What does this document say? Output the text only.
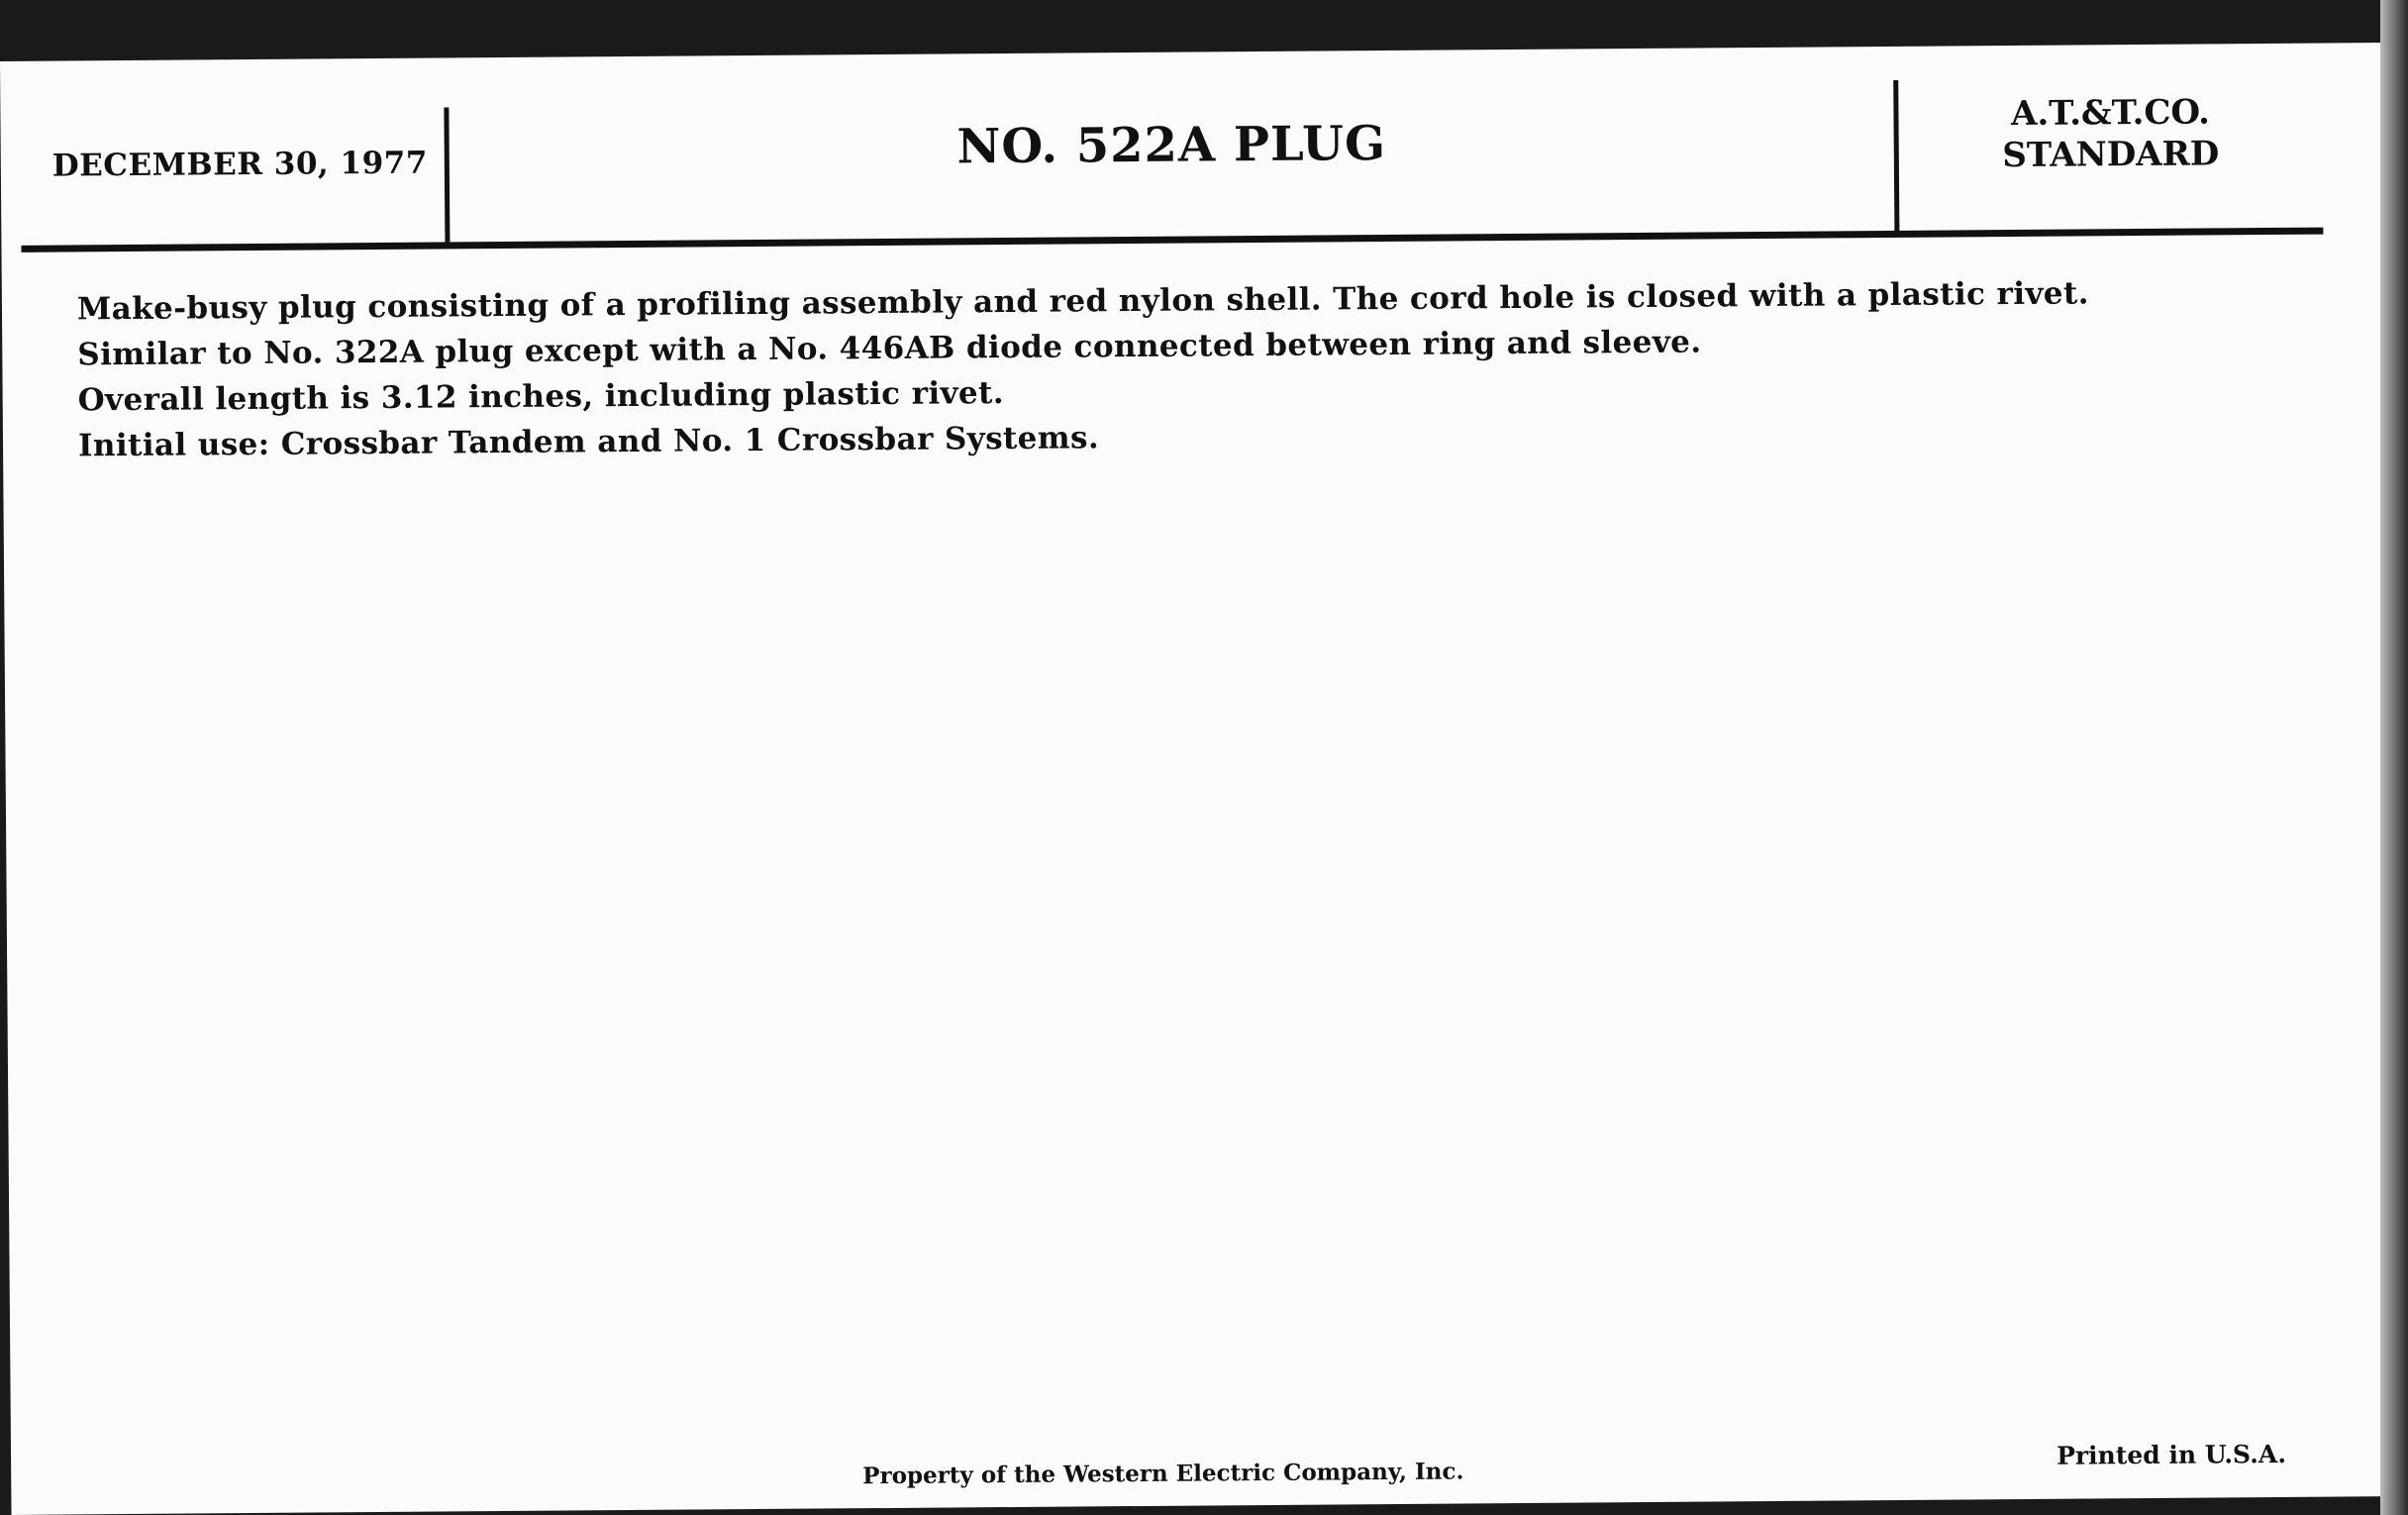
DECEMBER 30, 1977	NO. 522A PLUG
A.T.&T.CO.
STANDARD
Make-busy plug consisting of a profiling assembly and red nylon shell. The cord hole is closed with a plastic rivet.
Similar to No. 322A plug except with a No. 446AB diode connected between ring and sleeve.
Overall length is 3.12 inches, including plastic rivet.
Initial use: Crossbar Tandem and No. 1 Crossbar Systems.
Property of the Western Electric Company, Inc.
Printed in U.S.A.
